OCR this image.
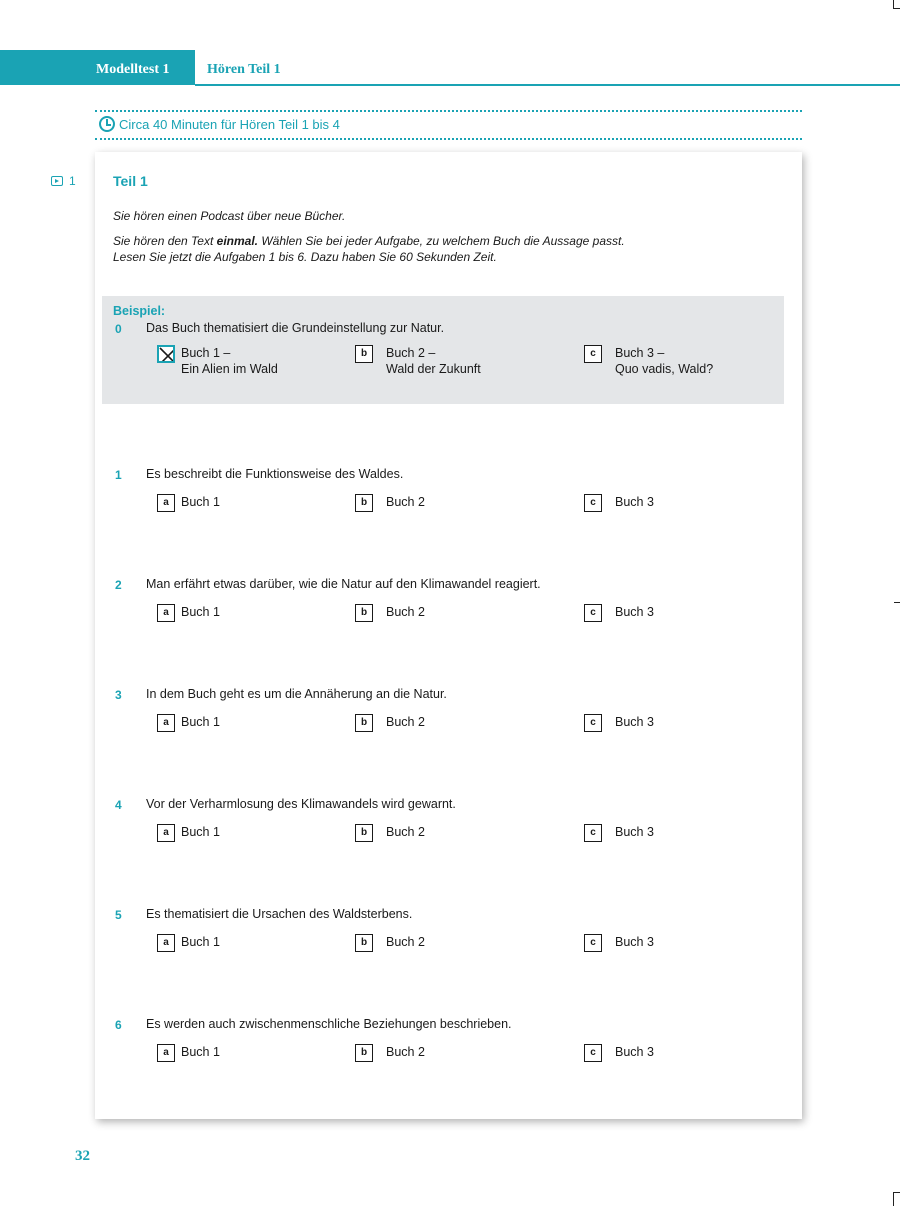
Modelltest 1	Hören Teil 1
Circa 40 Minuten für Hören Teil 1 bis 4
1	Teil 1
Sie hören einen Podcast über neue Bücher.
Sie hören den Text einmal. Wählen Sie bei jeder Aufgabe, zu welchem Buch die Aussage passt.
Lesen Sie jetzt die Aufgaben 1 bis 6. Dazu haben Sie 60 Sekunden Zeit.
Beispiel:
0 Das Buch thematisiert die Grundeinstellung zur Natur.
Buch 1 –
Ein Alien im Wald
b	Buch 2 –
Wald der Zukunft
c	Buch 3 –
Quo vadis, Wald?
1 Es beschreibt die Funktionsweise des Waldes.
a Buch 1	b	Buch 2	c	Buch 3
2 Man erfährt etwas darüber, wie die Natur auf den Klimawandel reagiert.
a Buch 1	b	Buch 2	c	Buch 3
3 In dem Buch geht es um die Annäherung an die Natur.
a Buch 1	b	Buch 2	c	Buch 3
4 Vor der Verharmlosung des Klimawandels wird gewarnt.
a Buch 1	b	Buch 2	c	Buch 3
5 Es thematisiert die Ursachen des Waldsterbens.
a Buch 1	b	Buch 2	c	Buch 3
6 Es werden auch zwischenmenschliche Beziehungen beschrieben.
a Buch 1	b	Buch 2	c	Buch 3
32
